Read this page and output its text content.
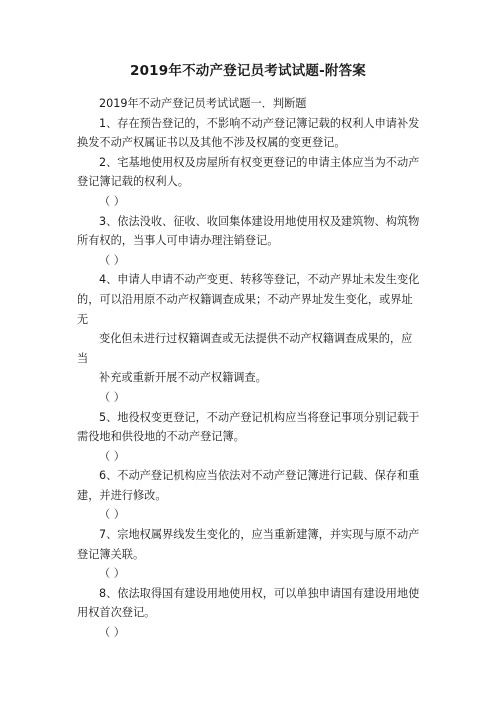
2019年不动产登记员考试试题-附答案
2019年不动产登记员考试试题一．判断题
1、存在预告登记的，不影响不动产登记簿记载的权利人申请补发
换发不动产权属证书以及其他不涉及权属的变更登记。
2、宅基地使用权及房屋所有权变更登记的申请主体应当为不动产
登记簿记载的权利人。
（ ）
3、依法没收、征收、收回集体建设用地使用权及建筑物、构筑物
所有权的，当事人可申请办理注销登记。
（ ）
4、申请人申请不动产变更、转移等登记，不动产界址未发生变化
的，可以沿用原不动产权籍调查成果；不动产界址发生变化，或界址
无
变化但未进行过权籍调查或无法提供不动产权籍调查成果的，应
当
补充或重新开展不动产权籍调查。
（ ）
5、地役权变更登记，不动产登记机构应当将登记事项分别记载于
需役地和供役地的不动产登记簿。
（ ）
6、不动产登记机构应当依法对不动产登记簿进行记载、保存和重
建，并进行修改。
（ ）
7、宗地权属界线发生变化的，应当重新建簿，并实现与原不动产
登记簿关联。
（ ）
8、依法取得国有建设用地使用权，可以单独申请国有建设用地使
用权首次登记。
（ ）
